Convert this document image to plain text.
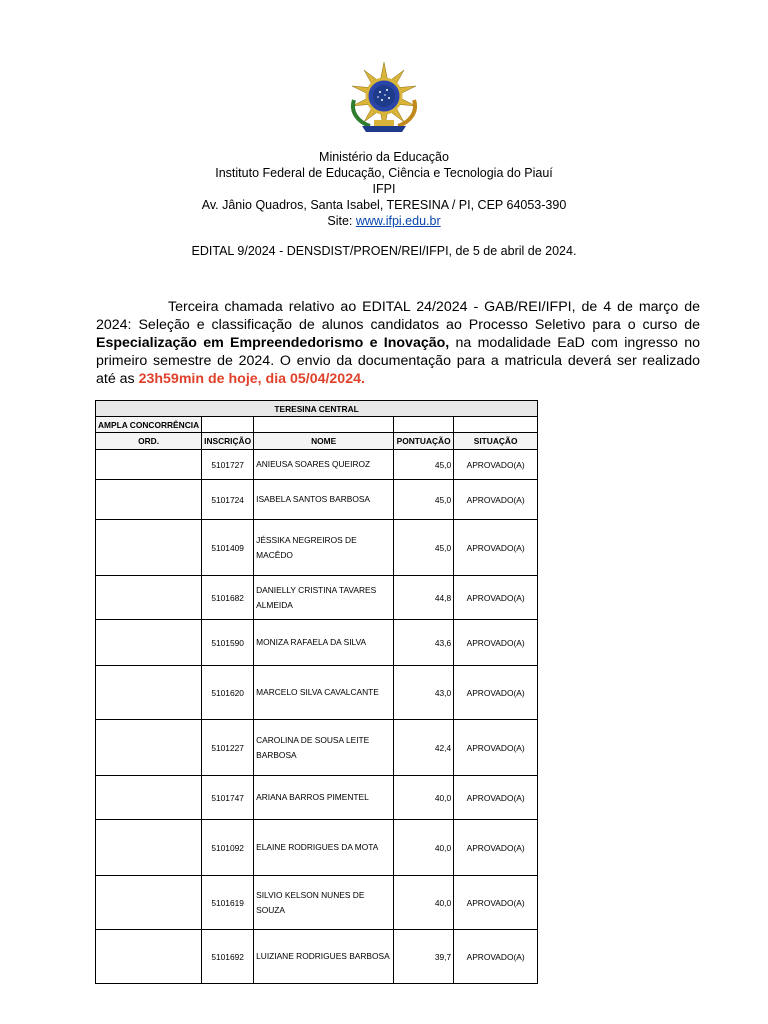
Ministério da Educação
Instituto Federal de Educação, Ciência e Tecnologia do Piauí
IFPI
Av. Jânio Quadros, Santa Isabel, TERESINA / PI, CEP 64053-390
Site: www.ifpi.edu.br
EDITAL 9/2024 - DENSDIST/PROEN/REI/IFPI, de 5 de abril de 2024.
Terceira chamada relativo ao EDITAL 24/2024 - GAB/REI/IFPI, de 4 de março de 2024: Seleção e classificação de alunos candidatos ao Processo Seletivo para o curso de Especialização em Empreendedorismo e Inovação, na modalidade EaD com ingresso no primeiro semestre de 2024. O envio da documentação para a matricula deverá ser realizado até as 23h59min de hoje, dia 05/04/2024.
TERESINA CENTRAL				
AMPLA CONCORRÊNCIA				
ORD.	INSCRIÇÃO	NOME	PONTUAÇÃO	SITUAÇÃO
	5101727	ANIEUSA SOARES QUEIROZ	45,0	APROVADO(A)
	5101724	ISABELA SANTOS BARBOSA	45,0	APROVADO(A)
	5101409	JÉSSIKA NEGREIROS DE MACÊDO	45,0	APROVADO(A)
	5101682	DANIELLY CRISTINA TAVARES ALMEIDA	44,8	APROVADO(A)
	5101590	MONIZA RAFAELA DA SILVA	43,6	APROVADO(A)
	5101620	MARCELO SILVA CAVALCANTE	43,0	APROVADO(A)
	5101227	CAROLINA DE SOUSA LEITE BARBOSA	42,4	APROVADO(A)
	5101747	ARIANA BARROS PIMENTEL	40,0	APROVADO(A)
	5101092	ELAINE RODRIGUES DA MOTA	40,0	APROVADO(A)
	5101619	SILVIO KELSON NUNES DE SOUZA	40,0	APROVADO(A)
	5101692	LUIZIANE RODRIGUES BARBOSA	39,7	APROVADO(A)
